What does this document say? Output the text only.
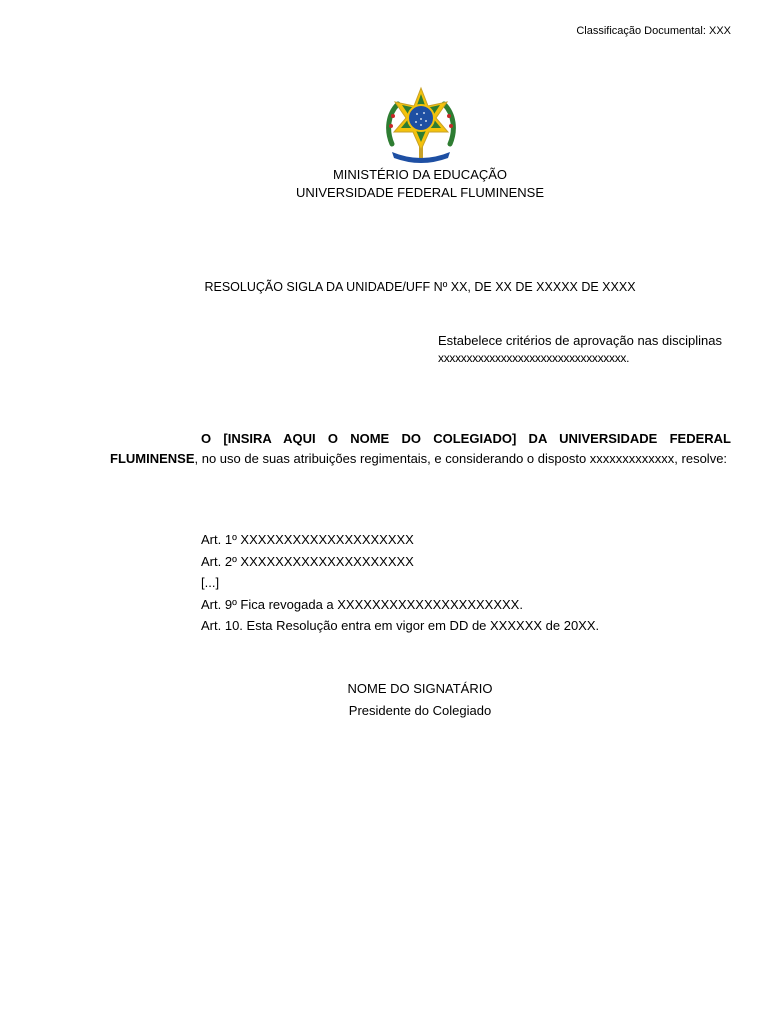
Classificação Documental: XXX
MINISTÉRIO DA EDUCAÇÃO
UNIVERSIDADE FEDERAL FLUMINENSE
RESOLUÇÃO SIGLA DA UNIDADE/UFF Nº XX, DE XX DE XXXXX DE XXXX
Estabelece critérios de aprovação nas disciplinas
xxxxxxxxxxxxxxxxxxxxxxxxxxxxxxxxx.
O [INSIRA AQUI O NOME DO COLEGIADO] DA UNIVERSIDADE FEDERAL FLUMINENSE, no uso de suas atribuições regimentais, e considerando o disposto xxxxxxxxxxxxx, resolve:
Art. 1º XXXXXXXXXXXXXXXXXXXX
Art. 2º XXXXXXXXXXXXXXXXXXXX
[...]
Art. 9º Fica revogada a XXXXXXXXXXXXXXXXXXXXX.
Art. 10. Esta Resolução entra em vigor em DD de XXXXXX de 20XX.
NOME DO SIGNATÁRIO
Presidente do Colegiado
